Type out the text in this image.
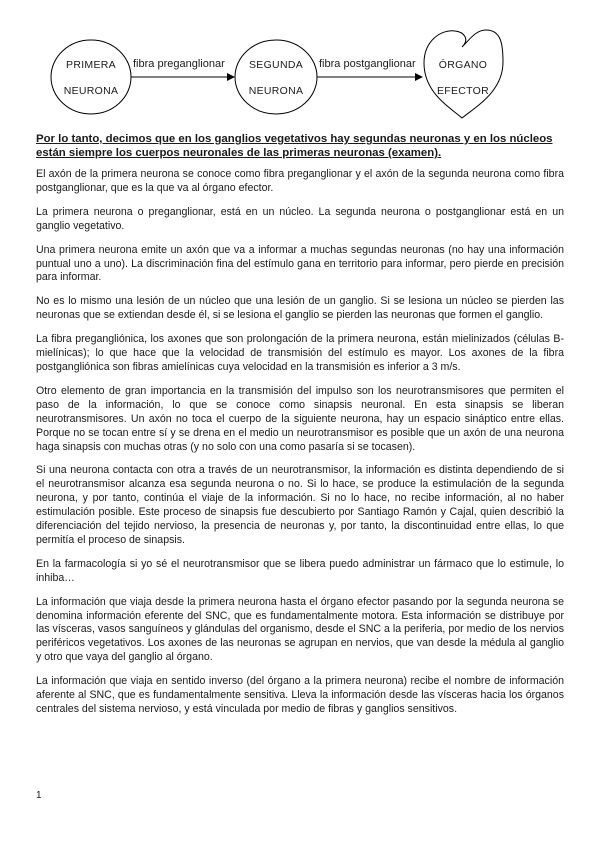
PRIMERA
NEURONA
fibra preganglionar	SEGUNDA
NEURONA
fibra postganglionar	ÓRGANO
EFECTOR
Por lo tanto, decimos que en los ganglios vegetativos hay segundas neuronas y en los núcleos están siempre los cuerpos neuronales de las primeras neuronas (examen).

El axón de la primera neurona se conoce como fibra preganglionar y el axón de la segunda neurona como fibra postganglionar, que es la que va al órgano efector.

La primera neurona o preganglionar, está en un núcleo. La segunda neurona o postganglionar está en un ganglio vegetativo.

Una primera neurona emite un axón que va a informar a muchas segundas neuronas (no hay una información puntual uno a uno). La discriminación fina del estímulo gana en territorio para informar, pero pierde en precisión para informar.

No es lo mismo una lesión de un núcleo que una lesión de un ganglio. Si se lesiona un núcleo se pierden las neuronas que se extiendan desde él, si se lesiona el ganglio se pierden las neuronas que formen el ganglio.

La fibra pregangliónica, los axones que son prolongación de la primera neurona, están mielinizados (células B-mielínicas); lo que hace que la velocidad de transmisión del estímulo es mayor. Los axones de la fibra postgangliónica son fibras amielínicas cuya velocidad en la transmisión es inferior a 3 m/s.

Otro elemento de gran importancia en la transmisión del impulso son los neurotransmisores que permiten el paso de la información, lo que se conoce como sinapsis neuronal. En esta sinapsis se liberan neurotransmisores. Un axón no toca el cuerpo de la siguiente neurona, hay un espacio sináptico entre ellas. Porque no se tocan entre sí y se drena en el medio un neurotransmisor es posible que un axón de una neurona haga sinapsis con muchas otras (y no solo con una como pasaría si se tocasen).

Si una neurona contacta con otra a través de un neurotransmisor, la información es distinta dependiendo de si el neurotransmisor alcanza esa segunda neurona o no. Si lo hace, se produce la estimulación de la segunda neurona, y por tanto, continúa el viaje de la información. Si no lo hace, no recibe información, al no haber estimulación posible. Este proceso de sinapsis fue descubierto por Santiago Ramón y Cajal, quien describió la diferenciación del tejido nervioso, la presencia de neuronas y, por tanto, la discontinuidad entre ellas, lo que permitía el proceso de sinapsis.

En la farmacología si yo sé el neurotransmisor que se libera puedo administrar un fármaco que lo estimule, lo inhiba…

La información que viaja desde la primera neurona hasta el órgano efector pasando por la segunda neurona se denomina información eferente del SNC, que es fundamentalmente motora. Esta información se distribuye por las vísceras, vasos sanguíneos y glándulas del organismo, desde el SNC a la periferia, por medio de los nervios periféricos vegetativos. Los axones de las neuronas se agrupan en nervios, que van desde la médula al ganglio y otro que vaya del ganglio al órgano.

La información que viaja en sentido inverso (del órgano a la primera neurona) recibe el nombre de información aferente al SNC, que es fundamentalmente sensitiva. Lleva la información desde las vísceras hacia los órganos centrales del sistema nervioso, y está vinculada por medio de fibras y ganglios sensitivos.

1
